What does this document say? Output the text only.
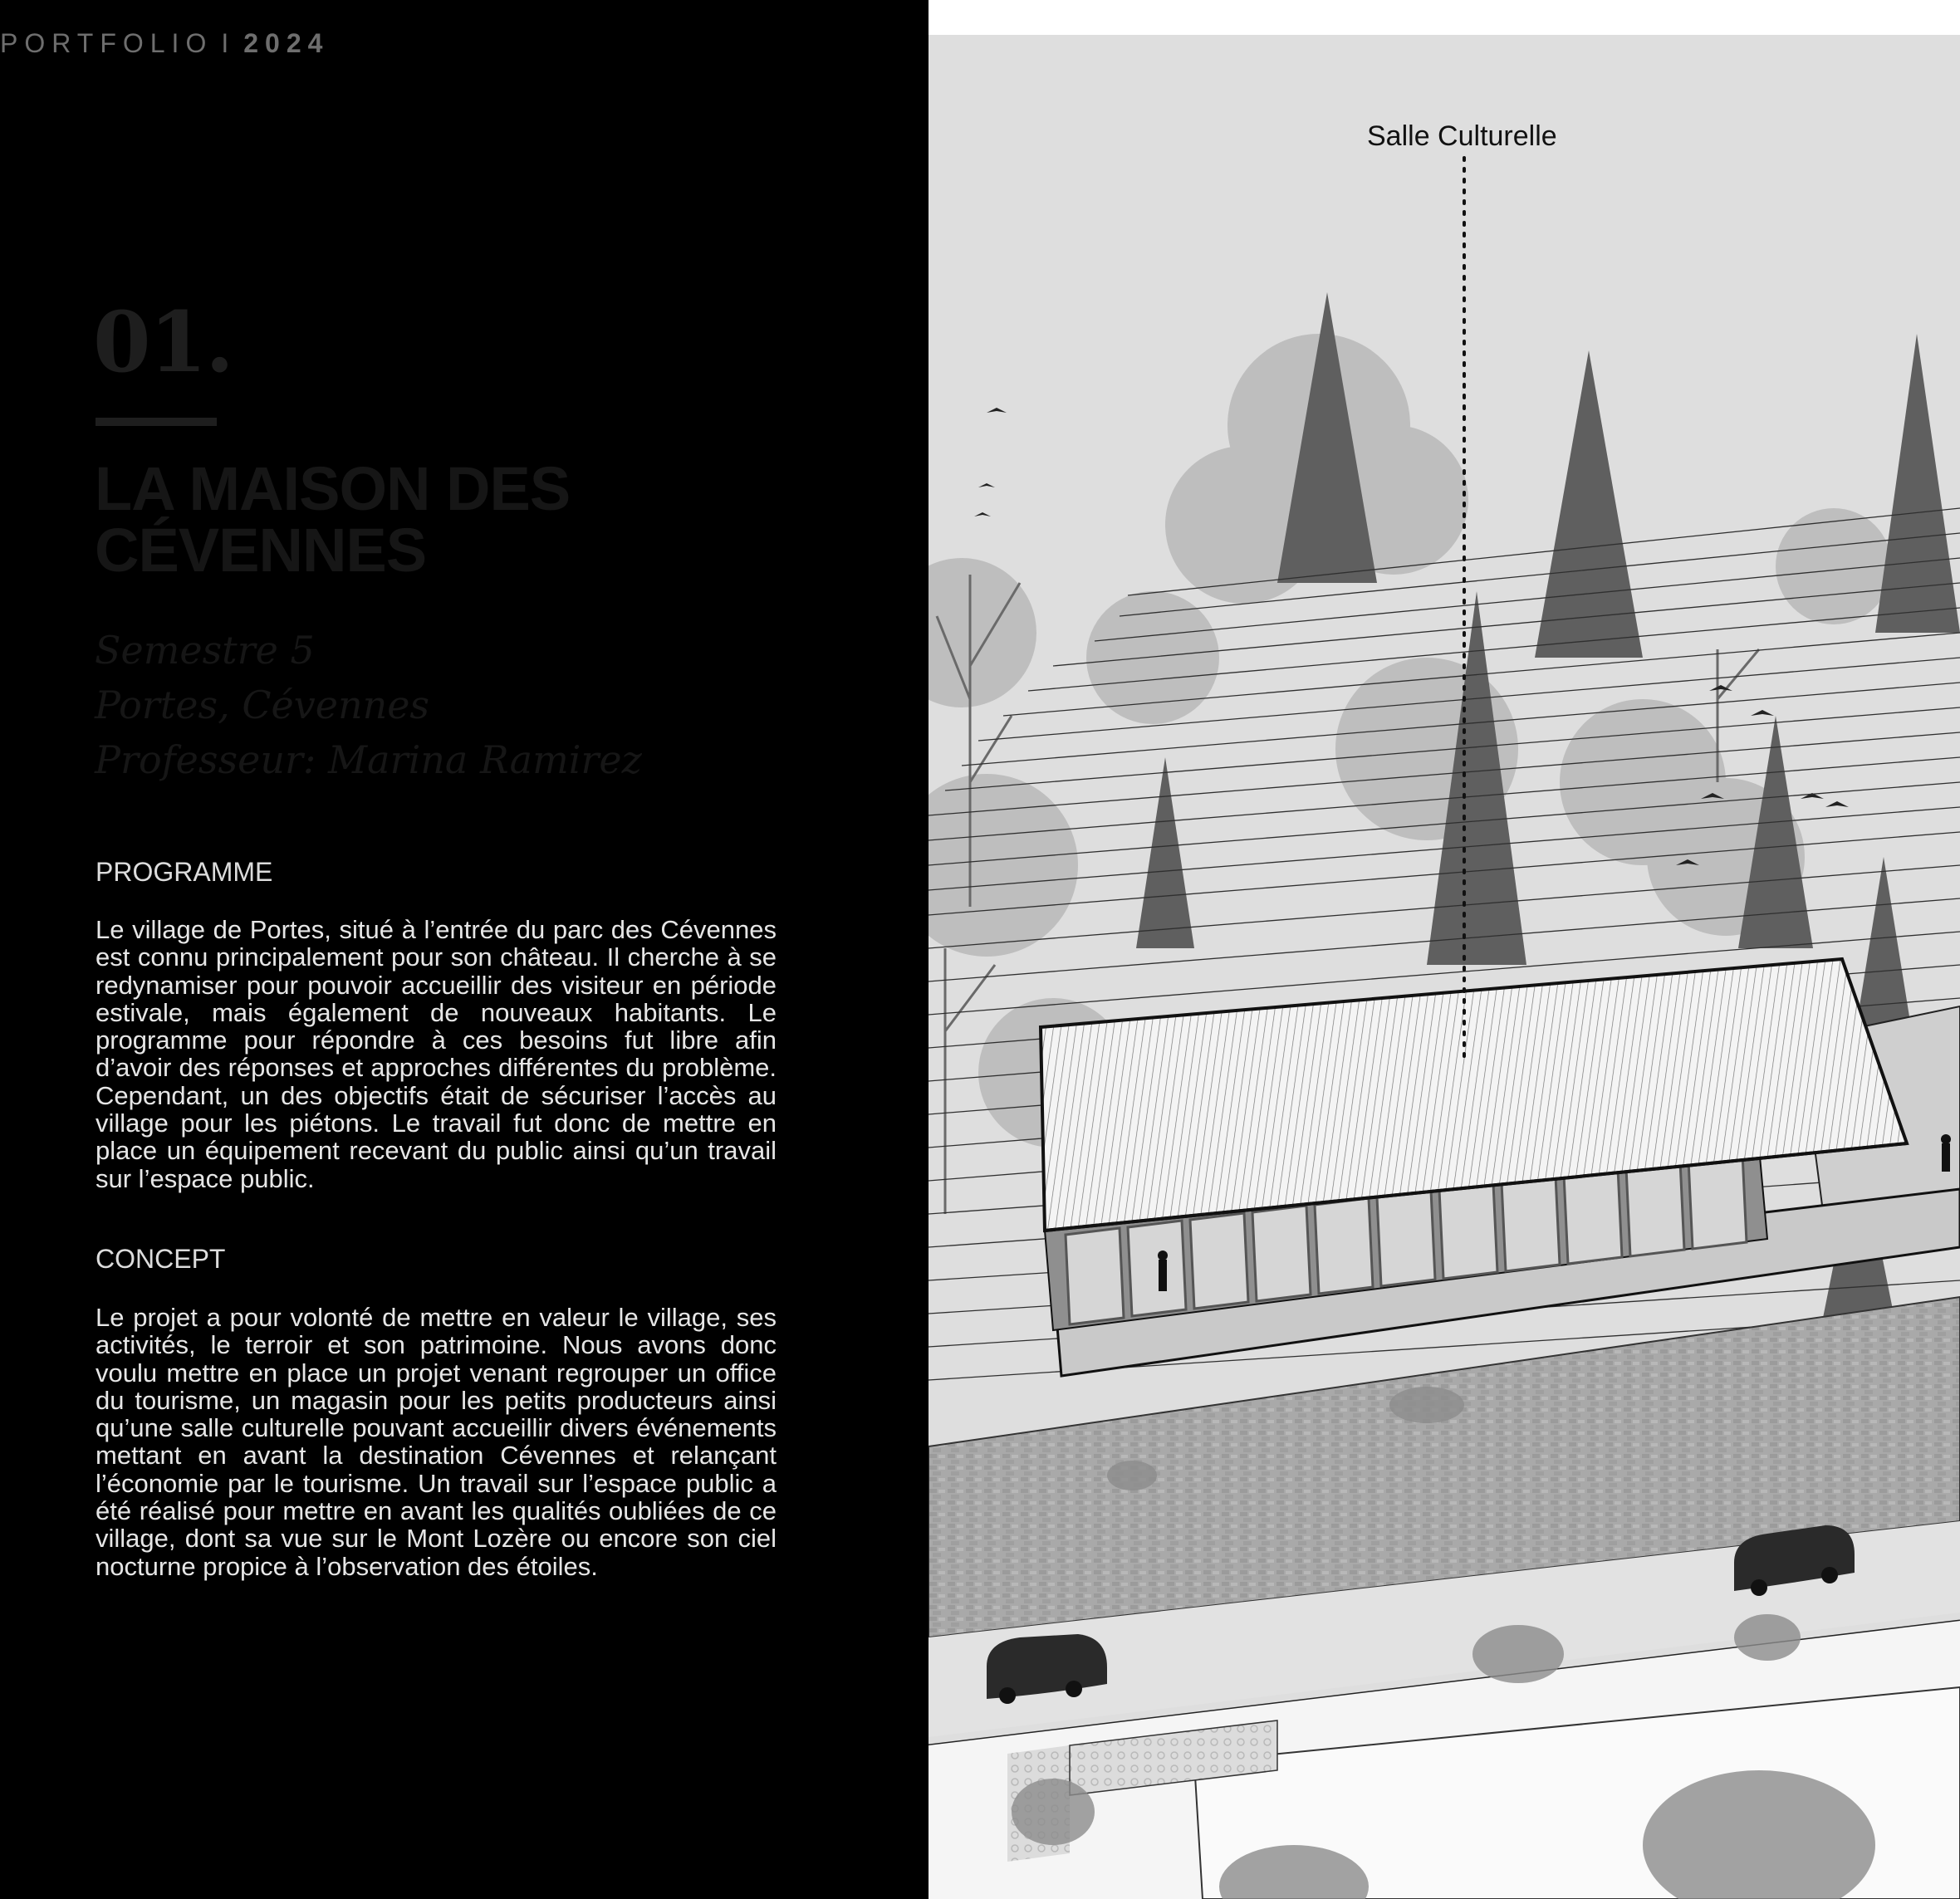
PORTFOLIO I 2024
01.
LA MAISON DES
CÉVENNES
Semestre 5
Portes, Cévennes
Professeur: Marina Ramirez
PROGRAMME
Le village de Portes, situé à l’entrée du parc des Cévennes est connu principalement pour son château. Il cherche à se redynamiser pour pouvoir accueillir des visiteur en période estivale, mais également de nouveaux habitants. Le programme pour répondre à ces besoins fut libre afin d’avoir des réponses et approches différentes du problème. Cependant, un des objectifs était de sécuriser l’accès au village pour les piétons. Le travail fut donc de mettre en place un équipement recevant du public ainsi qu’un travail sur l’espace public.
CONCEPT
Le projet a pour volonté de mettre en valeur le village, ses activités, le terroir et son patrimoine. Nous avons donc voulu mettre en place un projet venant regrouper un office du tourisme, un magasin pour les petits producteurs ainsi qu’une salle culturelle pouvant accueillir divers événements mettant en avant la destination Cévennes et relançant l’économie par le tourisme. Un travail sur l’espace public a été réalisé pour mettre en avant les qualités oubliées de ce village, dont sa vue sur le Mont Lozère ou encore son ciel nocturne propice à l’observation des étoiles.
Salle Culturelle
